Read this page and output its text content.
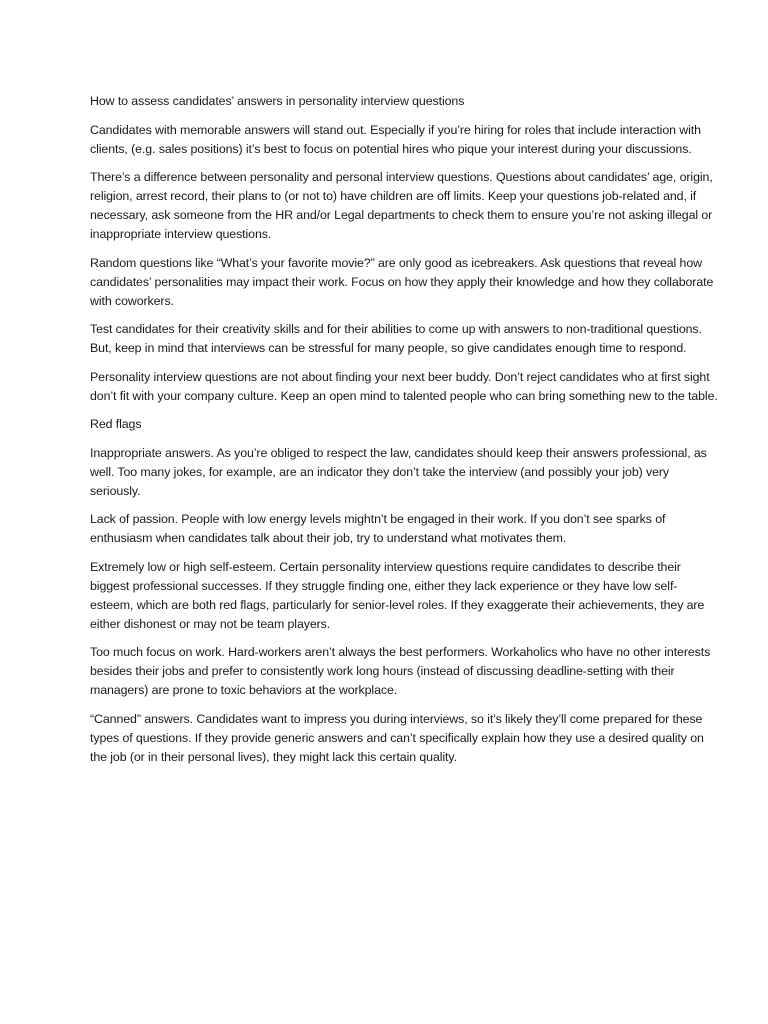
How to assess candidates’ answers in personality interview questions

Candidates with memorable answers will stand out. Especially if you’re hiring for roles that include interaction with clients, (e.g. sales positions) it’s best to focus on potential hires who pique your interest during your discussions.

There’s a difference between personality and personal interview questions. Questions about candidates’ age, origin, religion, arrest record, their plans to (or not to) have children are off limits. Keep your questions job-related and, if necessary, ask someone from the HR and/or Legal departments to check them to ensure you’re not asking illegal or inappropriate interview questions.

Random questions like “What’s your favorite movie?” are only good as icebreakers. Ask questions that reveal how candidates’ personalities may impact their work. Focus on how they apply their knowledge and how they collaborate with coworkers.

Test candidates for their creativity skills and for their abilities to come up with answers to non-traditional questions. But, keep in mind that interviews can be stressful for many people, so give candidates enough time to respond.

Personality interview questions are not about finding your next beer buddy. Don’t reject candidates who at first sight don’t fit with your company culture. Keep an open mind to talented people who can bring something new to the table.

Red flags

Inappropriate answers. As you’re obliged to respect the law, candidates should keep their answers professional, as well. Too many jokes, for example, are an indicator they don’t take the interview (and possibly your job) very seriously.

Lack of passion. People with low energy levels mightn’t be engaged in their work. If you don’t see sparks of enthusiasm when candidates talk about their job, try to understand what motivates them.

Extremely low or high self-esteem. Certain personality interview questions require candidates to describe their biggest professional successes. If they struggle finding one, either they lack experience or they have low self-esteem, which are both red flags, particularly for senior-level roles. If they exaggerate their achievements, they are either dishonest or may not be team players.

Too much focus on work. Hard-workers aren’t always the best performers. Workaholics who have no other interests besides their jobs and prefer to consistently work long hours (instead of discussing deadline-setting with their managers) are prone to toxic behaviors at the workplace.

“Canned” answers. Candidates want to impress you during interviews, so it’s likely they’ll come prepared for these types of questions. If they provide generic answers and can’t specifically explain how they use a desired quality on the job (or in their personal lives), they might lack this certain quality.
